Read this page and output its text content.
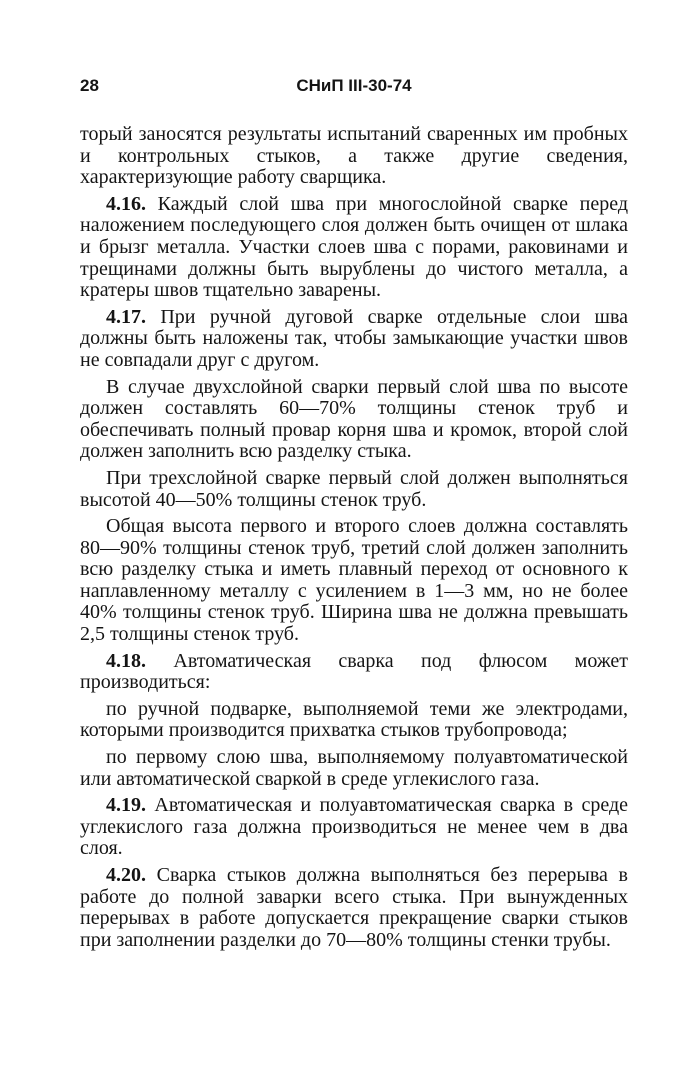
28	СНиП III-30-74

торый заносятся результаты испытаний сваренных им пробных и контрольных стыков, а также другие сведения, характеризующие работу сварщика.

4.16. Каждый слой шва при многослойной сварке перед наложением последующего слоя должен быть очищен от шлака и брызг металла. Участки слоев шва с порами, раковинами и трещинами должны быть вырублены до чистого металла, а кратеры швов тщательно заварены.

4.17. При ручной дуговой сварке отдельные слои шва должны быть наложены так, чтобы замыкающие участки швов не совпадали друг с другом.

В случае двухслойной сварки первый слой шва по высоте должен составлять 60—70% толщины стенок труб и обеспечивать полный провар корня шва и кромок, второй слой должен заполнить всю разделку стыка.

При трехслойной сварке первый слой должен выполняться высотой 40—50% толщины стенок труб.

Общая высота первого и второго слоев должна составлять 80—90% толщины стенок труб, третий слой должен заполнить всю разделку стыка и иметь плавный переход от основного к наплавленному металлу с усилением в 1—3 мм, но не более 40% толщины стенок труб. Ширина шва не должна превышать 2,5 толщины стенок труб.

4.18. Автоматическая сварка под флюсом может производиться:

по ручной подварке, выполняемой теми же электродами, которыми производится прихватка стыков трубопровода;

по первому слою шва, выполняемому полуавтоматической или автоматической сваркой в среде углекислого газа.

4.19. Автоматическая и полуавтоматическая сварка в среде углекислого газа должна производиться не менее чем в два слоя.

4.20. Сварка стыков должна выполняться без перерыва в работе до полной заварки всего стыка. При вынужденных перерывах в работе допускается прекращение сварки стыков при заполнении разделки до 70—80% толщины стенки трубы.
